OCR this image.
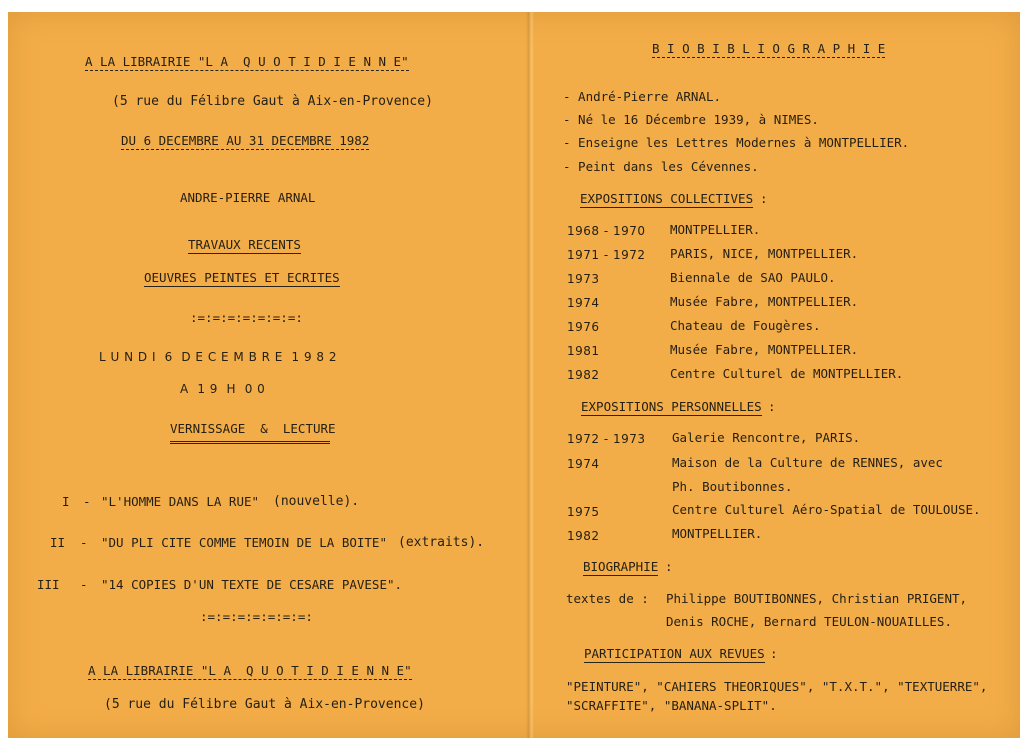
A LA LIBRAIRIE "L A  Q U O T I D I E N N E"
(5 rue du Félibre Gaut à Aix-en-Provence)
DU 6 DECEMBRE AU 31 DECEMBRE 1982
ANDRE-PIERRE ARNAL
TRAVAUX RECENTS
OEUVRES PEINTES ET ECRITES
:=:=:=:=:=:=:=:
L U N D I  6  D E C E M B R E  1 9 8 2
A  1 9  H  0 0
VERNISSAGE  &  LECTURE
I - "L'HOMME DANS LA RUE" (nouvelle).
II - "DU PLI CITE COMME TEMOIN DE LA BOITE" (extraits).
III - "14 COPIES D'UN TEXTE DE CESARE PAVESE".
:=:=:=:=:=:=:=:
A LA LIBRAIRIE "L A  Q U O T I D I E N N E"
(5 rue du Félibre Gaut à Aix-en-Provence)
B I O B I B L I O G R A P H I E
- André-Pierre ARNAL.
- Né le 16 Décembre 1939, à NIMES.
- Enseigne les Lettres Modernes à MONTPELLIER.
- Peint dans les Cévennes.
EXPOSITIONS COLLECTIVES :
1968 - 1970 MONTPELLIER.
1971 - 1972 PARIS, NICE, MONTPELLIER.
1973	Biennale de SAO PAULO.
1974	Musée Fabre, MONTPELLIER.
1976	Chateau de Fougères.
1981	Musée Fabre, MONTPELLIER.
1982	Centre Culturel de MONTPELLIER.
EXPOSITIONS PERSONNELLES :
1972 - 1973 Galerie Rencontre, PARIS.
1974	Maison de la Culture de RENNES, avec
Ph. Boutibonnes.
1975	Centre Culturel Aéro-Spatial de TOULOUSE.
1982	MONTPELLIER.
BIOGRAPHIE :
textes de : Philippe BOUTIBONNES, Christian PRIGENT,
Denis ROCHE, Bernard TEULON-NOUAILLES.
PARTICIPATION AUX REVUES :
"PEINTURE", "CAHIERS THEORIQUES", "T.X.T.", "TEXTUERRE",
"SCRAFFITE", "BANANA-SPLIT".
